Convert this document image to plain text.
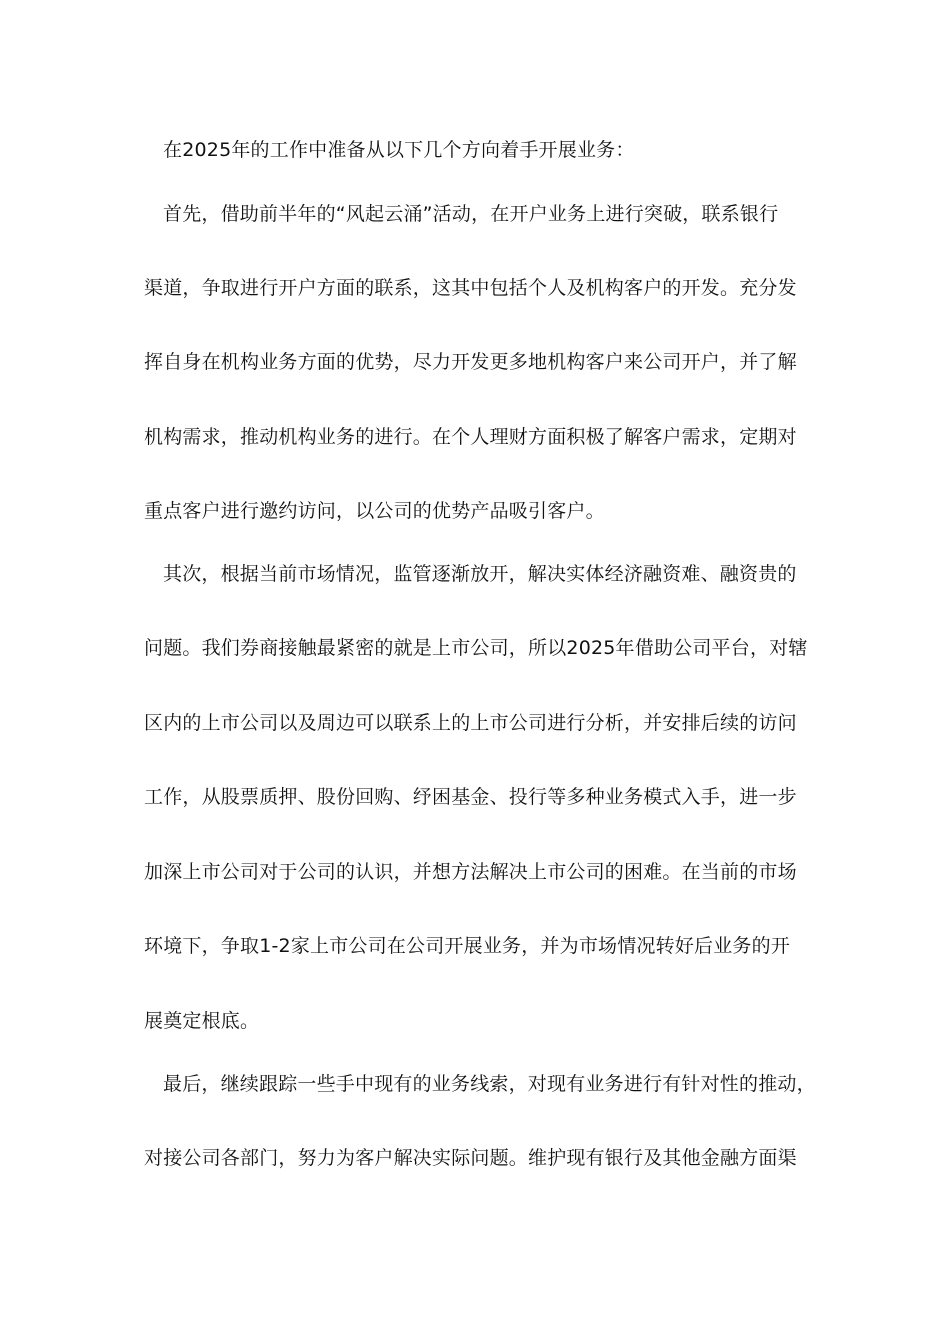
在2025年的工作中准备从以下几个方向着手开展业务：
首先，借助前半年的“风起云涌”活动，在开户业务上进行突破，联系银行
渠道，争取进行开户方面的联系，这其中包括个人及机构客户的开发。充分发
挥自身在机构业务方面的优势，尽力开发更多地机构客户来公司开户，并了解
机构需求，推动机构业务的进行。在个人理财方面积极了解客户需求，定期对
重点客户进行邀约访问，以公司的优势产品吸引客户。
其次，根据当前市场情况，监管逐渐放开，解决实体经济融资难、融资贵的
问题。我们券商接触最紧密的就是上市公司，所以2025年借助公司平台，对辖
区内的上市公司以及周边可以联系上的上市公司进行分析，并安排后续的访问
工作，从股票质押、股份回购、纾困基金、投行等多种业务模式入手，进一步
加深上市公司对于公司的认识，并想方法解决上市公司的困难。在当前的市场
环境下，争取1-2家上市公司在公司开展业务，并为市场情况转好后业务的开
展奠定根底。
最后，继续跟踪一些手中现有的业务线索，对现有业务进行有针对性的推动，
对接公司各部门，努力为客户解决实际问题。维护现有银行及其他金融方面渠
